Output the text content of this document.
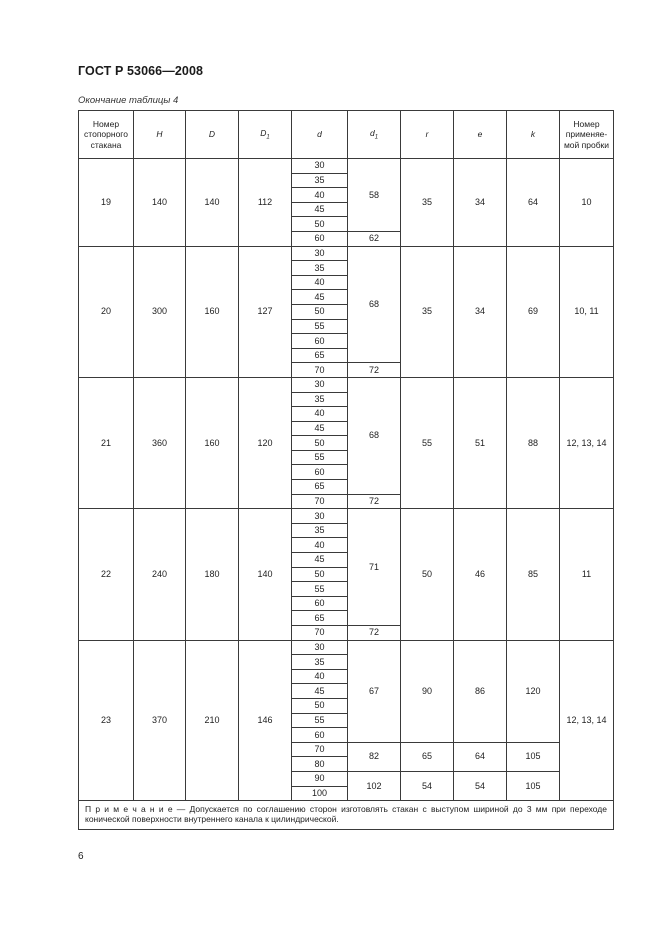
ГОСТ Р 53066—2008
Окончание таблицы 4
Номер стопорного стакана	H	D	$D_1$	d	$d_1$	r	e	k	Номер применяе-мой пробки
19	140	140	112	30	58	35	34	64	10
				35					
				40					
				45					
				50					
				60	62				
20	300	160	127	30	68	35	34	69	10, 11
				35					
				40					
				45					
				50					
				55					
				60					
				65					
				70	72				
21	360	160	120	30	68	55	51	88	12, 13, 14
				35					
				40					
				45					
				50					
				55					
				60					
				65					
				70	72				
22	240	180	140	30	71	50	46	85	11
				35					
				40					
				45					
				50					
				55					
				60					
				65					
				70	72				
23	370	210	146	30	67	90	86	120	12, 13, 14
				35					
				40					
				45					
				50					
				55					
				60					
				70	82	65	64	105	
				80					
				90	102	54	54	105	
				100					
П р и м е ч а н и е — Допускается по соглашению сторон изготовлять стакан с выступом шириной до 3 мм при переходе конической поверхности внутреннего канала к цилиндрической.									
6
